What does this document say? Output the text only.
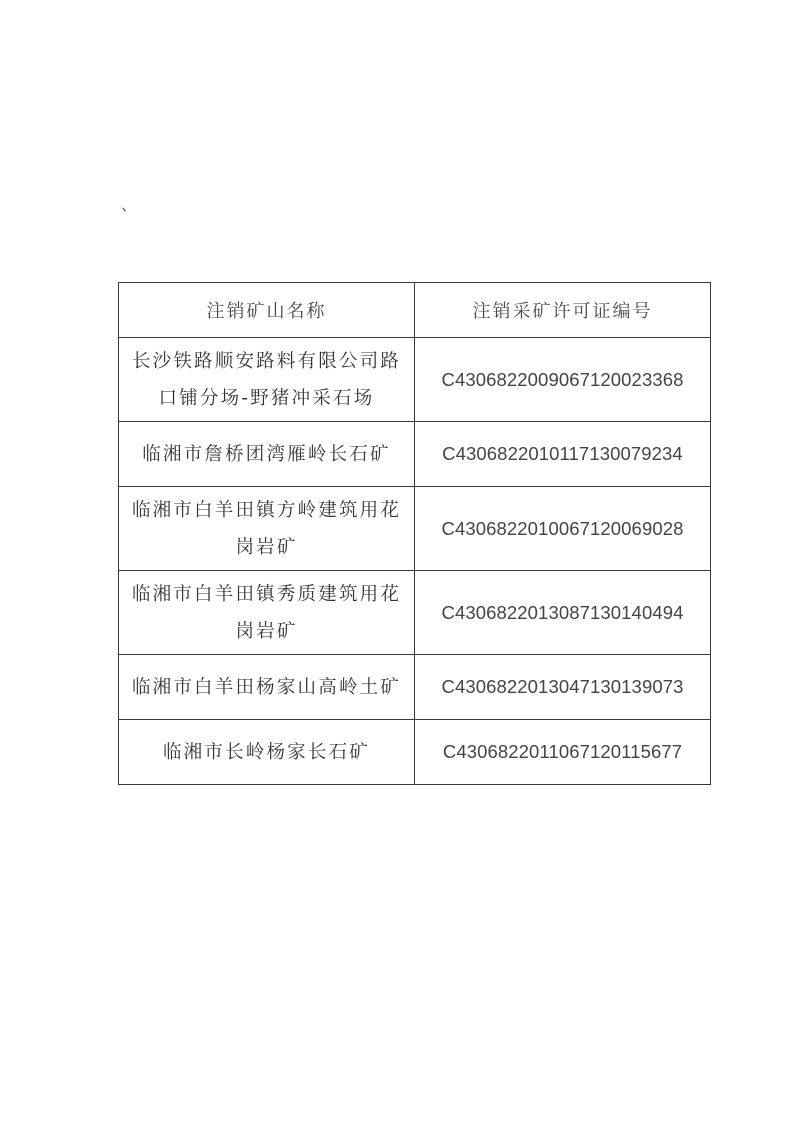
、
注销矿山名称	注销采矿许可证编号
长沙铁路顺安路料有限公司路口铺分场-野猪冲采石场	C4306822009067120023368
临湘市詹桥团湾雁岭长石矿	C4306822010117130079234
临湘市白羊田镇方岭建筑用花岗岩矿	C4306822010067120069028
临湘市白羊田镇秀质建筑用花岗岩矿	C4306822013087130140494
临湘市白羊田杨家山高岭土矿	C4306822013047130139073
临湘市长岭杨家长石矿	C4306822011067120115677
